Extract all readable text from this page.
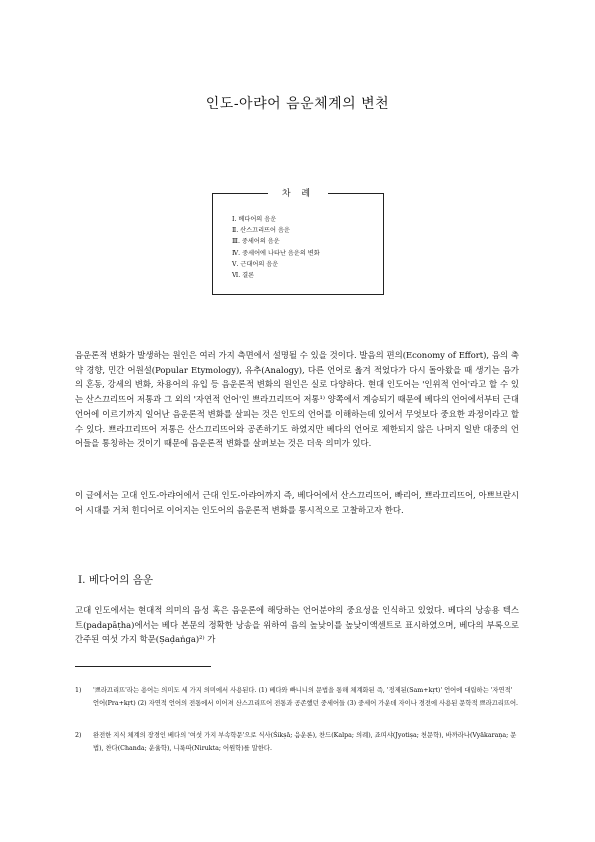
인도-아랴어 음운체계의 변천
차 례
Ⅰ. 베다어의 음운
Ⅱ. 산스끄리뜨어 음운
Ⅲ. 중세어의 음운
Ⅳ. 중세어에 나타난 음운의 변화
Ⅴ. 근대어의 음운
Ⅵ. 결론
음운론적 변화가 발생하는 원인은 여러 가지 측면에서 설명될 수 있을 것이다. 발음의 편의(Economy of Effort), 음의 축약 경향, 민간 어원설(Popular Etymology), 유추(Analogy), 다른 언어로 옮겨 적었다가 다시 돌아왔을 때 생기는 음가의 혼동, 강세의 변화, 차용어의 유입 등 음운론적 변화의 원인은 실로 다양하다. 현대 인도어는 '인위적 언어'라고 할 수 있는 산스끄리뜨어 저통과 그 외의 '자연적 언어'인 쁘라끄리뜨어 저통¹⁾ 양쪽에서 계승되기 때문에 베다의 언어에서부터 근대 언어에 이르기까지 일어난 음운론적 변화를 살피는 것은 인도의 언어를 이해하는데 있어서 무엇보다 중요한 과정이라고 할 수 있다. 쁘라끄리뜨어 저통은 산스끄리뜨어와 공존하기도 하였지만 베다의 언어로 제한되지 않은 나머지 일반 대중의 언어들을 통칭하는 것이기 때문에 음운론적 변화를 살펴보는 것은 더욱 의미가 있다.
이 글에서는 고대 인도-아랴어에서 근대 인도-아랴어까지 즉, 베다어에서 산스끄리뜨어, 빠리어, 쁘라끄리뜨어, 아쁘브란시어 시대를 거쳐 힌디어로 이어지는 인도어의 음운론적 변화를 통시적으로 고찰하고자 한다.
Ⅰ. 베다어의 음운
고대 인도에서는 현대적 의미의 음성 혹은 음운론에 해당하는 언어분야의 중요성을 인식하고 있었다. 베다의 낭송용 텍스트(padapāṭha)에서는 베다 본문의 정확한 낭송을 위하여 음의 높낮이를 높낮이액센트로 표시하였으며, 베다의 부록으로 간주된 여섯 가지 학문(Ṣaḍaṅga)²⁾ 가
1) '쁘라끄리뜨'라는 용어는 의미도 세 가지 의미에서 사용된다. (1) 베다와 빠니니의 문법을 통해 체계화된 즉, '정제된(Sam+kṛt)' 언어에 대립하는 '자연적' 언어(Pra+kṛt) (2) 자연적 언어의 전통에서 이어져 산스끄리뜨어 전통과 공존했던 중세어들 (3) 중세어 가운데 자이나 경전에 사용된 문학적 쁘라끄리뜨어.
2) 완전한 지식 체계의 장경인 베다의 '여섯 가지 부속학문'으로 식사(Śikṣā; 음운론), 찬드(Kalpa; 의례), 죠띠샤(Jyotiṣa; 천문학), 바까라나(Vyākaraṇa; 문법), 찬다(Chanda; 운율학), 니룩따(Nirukta; 어원학)를 말한다.
